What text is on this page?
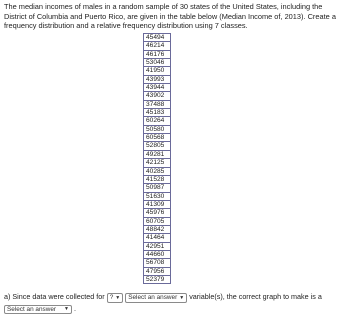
The median incomes of males in a random sample of 30 states of the United States, including the District of Columbia and Puerto Rico, are given in the table below (Median Income of, 2013). Create a frequency distribution and a relative frequency distribution using 7 classes.

45494
46214
46176
53046
41950
43993
43944
43902
37488
45183
60264
50580
60568
52805
49281
42125
40285
41528
50987
51630
41309
45976
60705
48842
41464
42951
44660
56708
47956
52379
a) Since data were collected for ? ▼ Select an answer ▼ variable(s), the correct graph to make is a
Select an answer ▼ .
